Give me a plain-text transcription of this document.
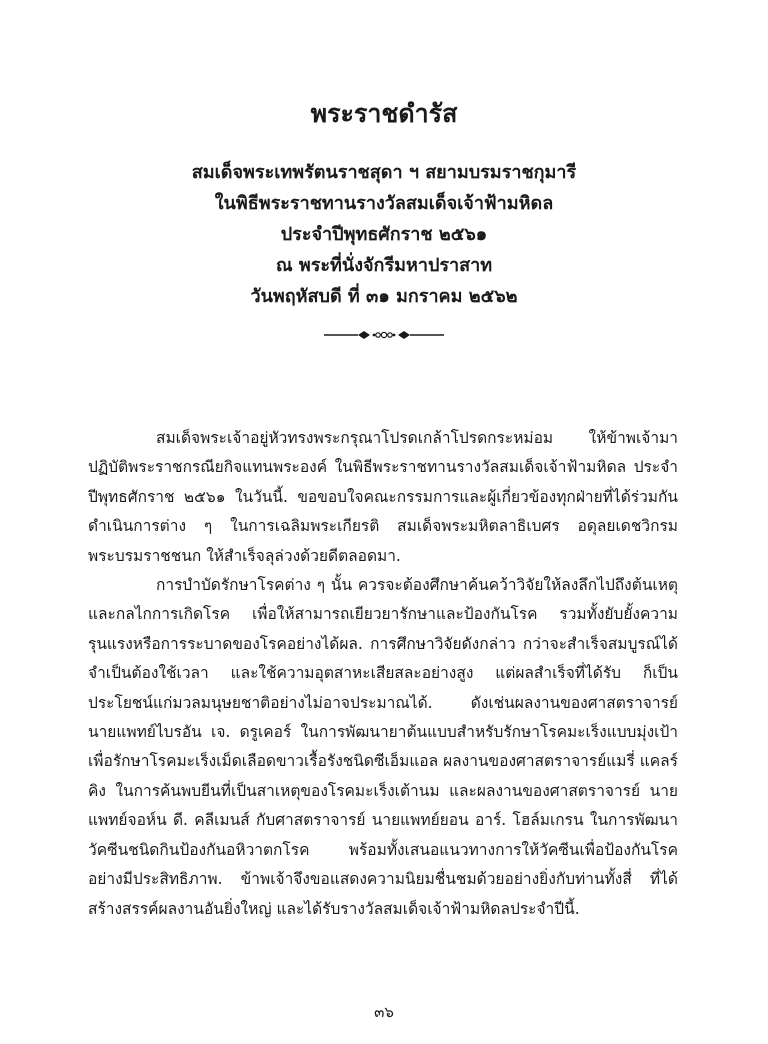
พระราชดำรัส
สมเด็จพระเทพรัตนราชสุดา ฯ สยามบรมราชกุมารี
ในพิธีพระราชทานรางวัลสมเด็จเจ้าฟ้ามหิดล
ประจำปีพุทธศักราช ๒๕๖๑
ณ พระที่นั่งจักรีมหาปราสาท
วันพฤหัสบดี ที่ ๓๑ มกราคม ๒๕๖๒

สมเด็จพระเจ้าอยู่หัวทรงพระกรุณาโปรดเกล้าโปรดกระหม่อม ให้ข้าพเจ้ามาปฏิบัติพระราชกรณียกิจแทนพระองค์ ในพิธีพระราชทานรางวัลสมเด็จเจ้าฟ้ามหิดล ประจำปีพุทธศักราช ๒๕๖๑ ในวันนี้. ขอขอบใจคณะกรรมการและผู้เกี่ยวข้องทุกฝ่ายที่ได้ร่วมกันดำเนินการต่าง ๆ ในการเฉลิมพระเกียรติ สมเด็จพระมหิตลาธิเบศร อดุลยเดชวิกรม พระบรมราชชนก ให้สำเร็จลุล่วงด้วยดีตลอดมา.

การบำบัดรักษาโรคต่าง ๆ นั้น ควรจะต้องศึกษาค้นคว้าวิจัยให้ลงลึกไปถึงต้นเหตุและกลไกการเกิดโรค เพื่อให้สามารถเยียวยารักษาและป้องกันโรค รวมทั้งยับยั้งความรุนแรงหรือการระบาดของโรคอย่างได้ผล. การศึกษาวิจัยดังกล่าว กว่าจะสำเร็จสมบูรณ์ได้ จำเป็นต้องใช้เวลา และใช้ความอุตสาหะเสียสละอย่างสูง แต่ผลสำเร็จที่ได้รับ ก็เป็นประโยชน์แก่มวลมนุษยชาติอย่างไม่อาจประมาณได้. ดังเช่นผลงานของศาสตราจารย์ นายแพทย์ไบรอัน เจ. ดรูเคอร์ ในการพัฒนายาต้นแบบสำหรับรักษาโรคมะเร็งแบบมุ่งเป้า เพื่อรักษาโรคมะเร็งเม็ดเลือดขาวเรื้อรังชนิดซีเอ็มแอล ผลงานของศาสตราจารย์แมรี่ แคลร์ คิง ในการค้นพบยีนที่เป็นสาเหตุของโรคมะเร็งเต้านม และผลงานของศาสตราจารย์ นายแพทย์จอห์น ดี. คลีเมนส์ กับศาสตราจารย์ นายแพทย์ยอน อาร์. โฮล์มเกรน ในการพัฒนาวัคซีนชนิดกินป้องกันอหิวาตกโรค พร้อมทั้งเสนอแนวทางการให้วัคซีนเพื่อป้องกันโรคอย่างมีประสิทธิภาพ. ข้าพเจ้าจึงขอแสดงความนิยมชื่นชมด้วยอย่างยิ่งกับท่านทั้งสี่ ที่ได้สร้างสรรค์ผลงานอันยิ่งใหญ่ และได้รับรางวัลสมเด็จเจ้าฟ้ามหิดลประจำปีนี้.

๓๖
